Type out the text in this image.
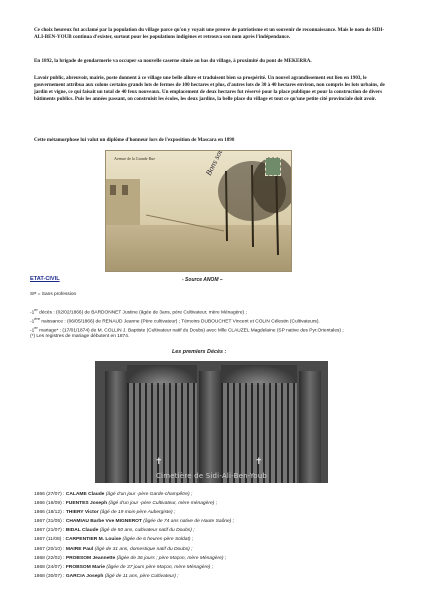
Ce choix heureux fut acclamé par la population du village parce qu'on y voyait une preuve de patriotisme et un souvenir de reconnaissance. Mais le nom de SIDI-ALI-BEN-YOUB continua d'exister, surtout pour les populations indigènes et retrouva son nom après l'indépendance.

En 1892, la brigade de gendarmerie va occuper sa nouvelle caserne située au bas du village, à proximité du pont de MEKERRA.

Lavoir public, abreuvoir, mairie, poste donnent à ce village une belle allure et traduisent bien sa prospérité. Un nouvel agrandissement eut lieu en 1903, le gouvernement attribua aux colons certains grands lots de fermes de 100 hectares et plus, d'autres lots de 30 à 40 hectares environ, non compris les lots urbains, de jardin et vigne, ce qui faisait un total de 40 feux nouveaux. Un emplacement de deux hectares fut réservé pour la place publique et pour la construction de divers bâtiments publics. Puis les années passant, on construisit les écoles, les deux jardins, la belle place du village et tout ce qu'une petite cité provinciale doit avoir.

Cette métamorphose lui valut un diplôme d'honneur lors de l'exposition de Mascara en 1898

Avenue de la Grande Rue
ETAT-CIVIL	- Source ANOM –
SP = Sans profession
-1er décès : (02/02/1866) de BARDONNET Justine (âgée de 3ans, père Cultivateur, mère Ménagère) ;
-1ère naissance : (06/05/1866) de RENAUD Jeanne (Père cultivateur) ; Témoins DUBOUCHET Vincent et COLIN Célestin (Cultivateurs).
-1er mariage* : (17/01/1874) de M. COLLIN J. Baptiste (Cultivateur natif du Doubs) avec Mlle CLAUZEL Magdelaine (SP native des Pyr.Orientales) ;
(*) Les registres de mariage débutent en 1874.
Les premiers Décès :
✝	✝
Cimetière de Sidi-Ali-Ben-Youb
1866 (27/07) : CALAME Claude (âgé d'un jour -père Garde-champêtre) ;
1866 (16/09) : FUENTES Joseph (âgé d'un jour -père Cultivateur, mère ménagère) ;
1866 (18/12) : THIERY Victor (âgé de 19 mois-père Aubergiste) ;
1867 (31/05) : CHAMIAU Barbe Vve MIGNEROT (âgée de 74 ans native de Haute Saône) ;
1867 (21/07) : BIDAL Claude (âgé de 50 ans, cultivateur natif du Doubs) ;
1867 (11/08) : CARPENTIER M. Louise (âgée de 6 heures-père Soldat) ;
1867 (20/10) : MAIRE Paul (âgé de 31 ans, domestique natif du Doubs) ;
1868 (22/02) : PROBSOM Jeannette (âgée de 36 jours ; père Maçon, mère Ménagère) ;
1868 (24/07) : FROBSOM Marie (âgée de 37 jours père Maçon, mère Ménagère) ;
1868 (30/07) : GARCIA Joseph (âgé de 11 ans, père Cultivateur) ;
